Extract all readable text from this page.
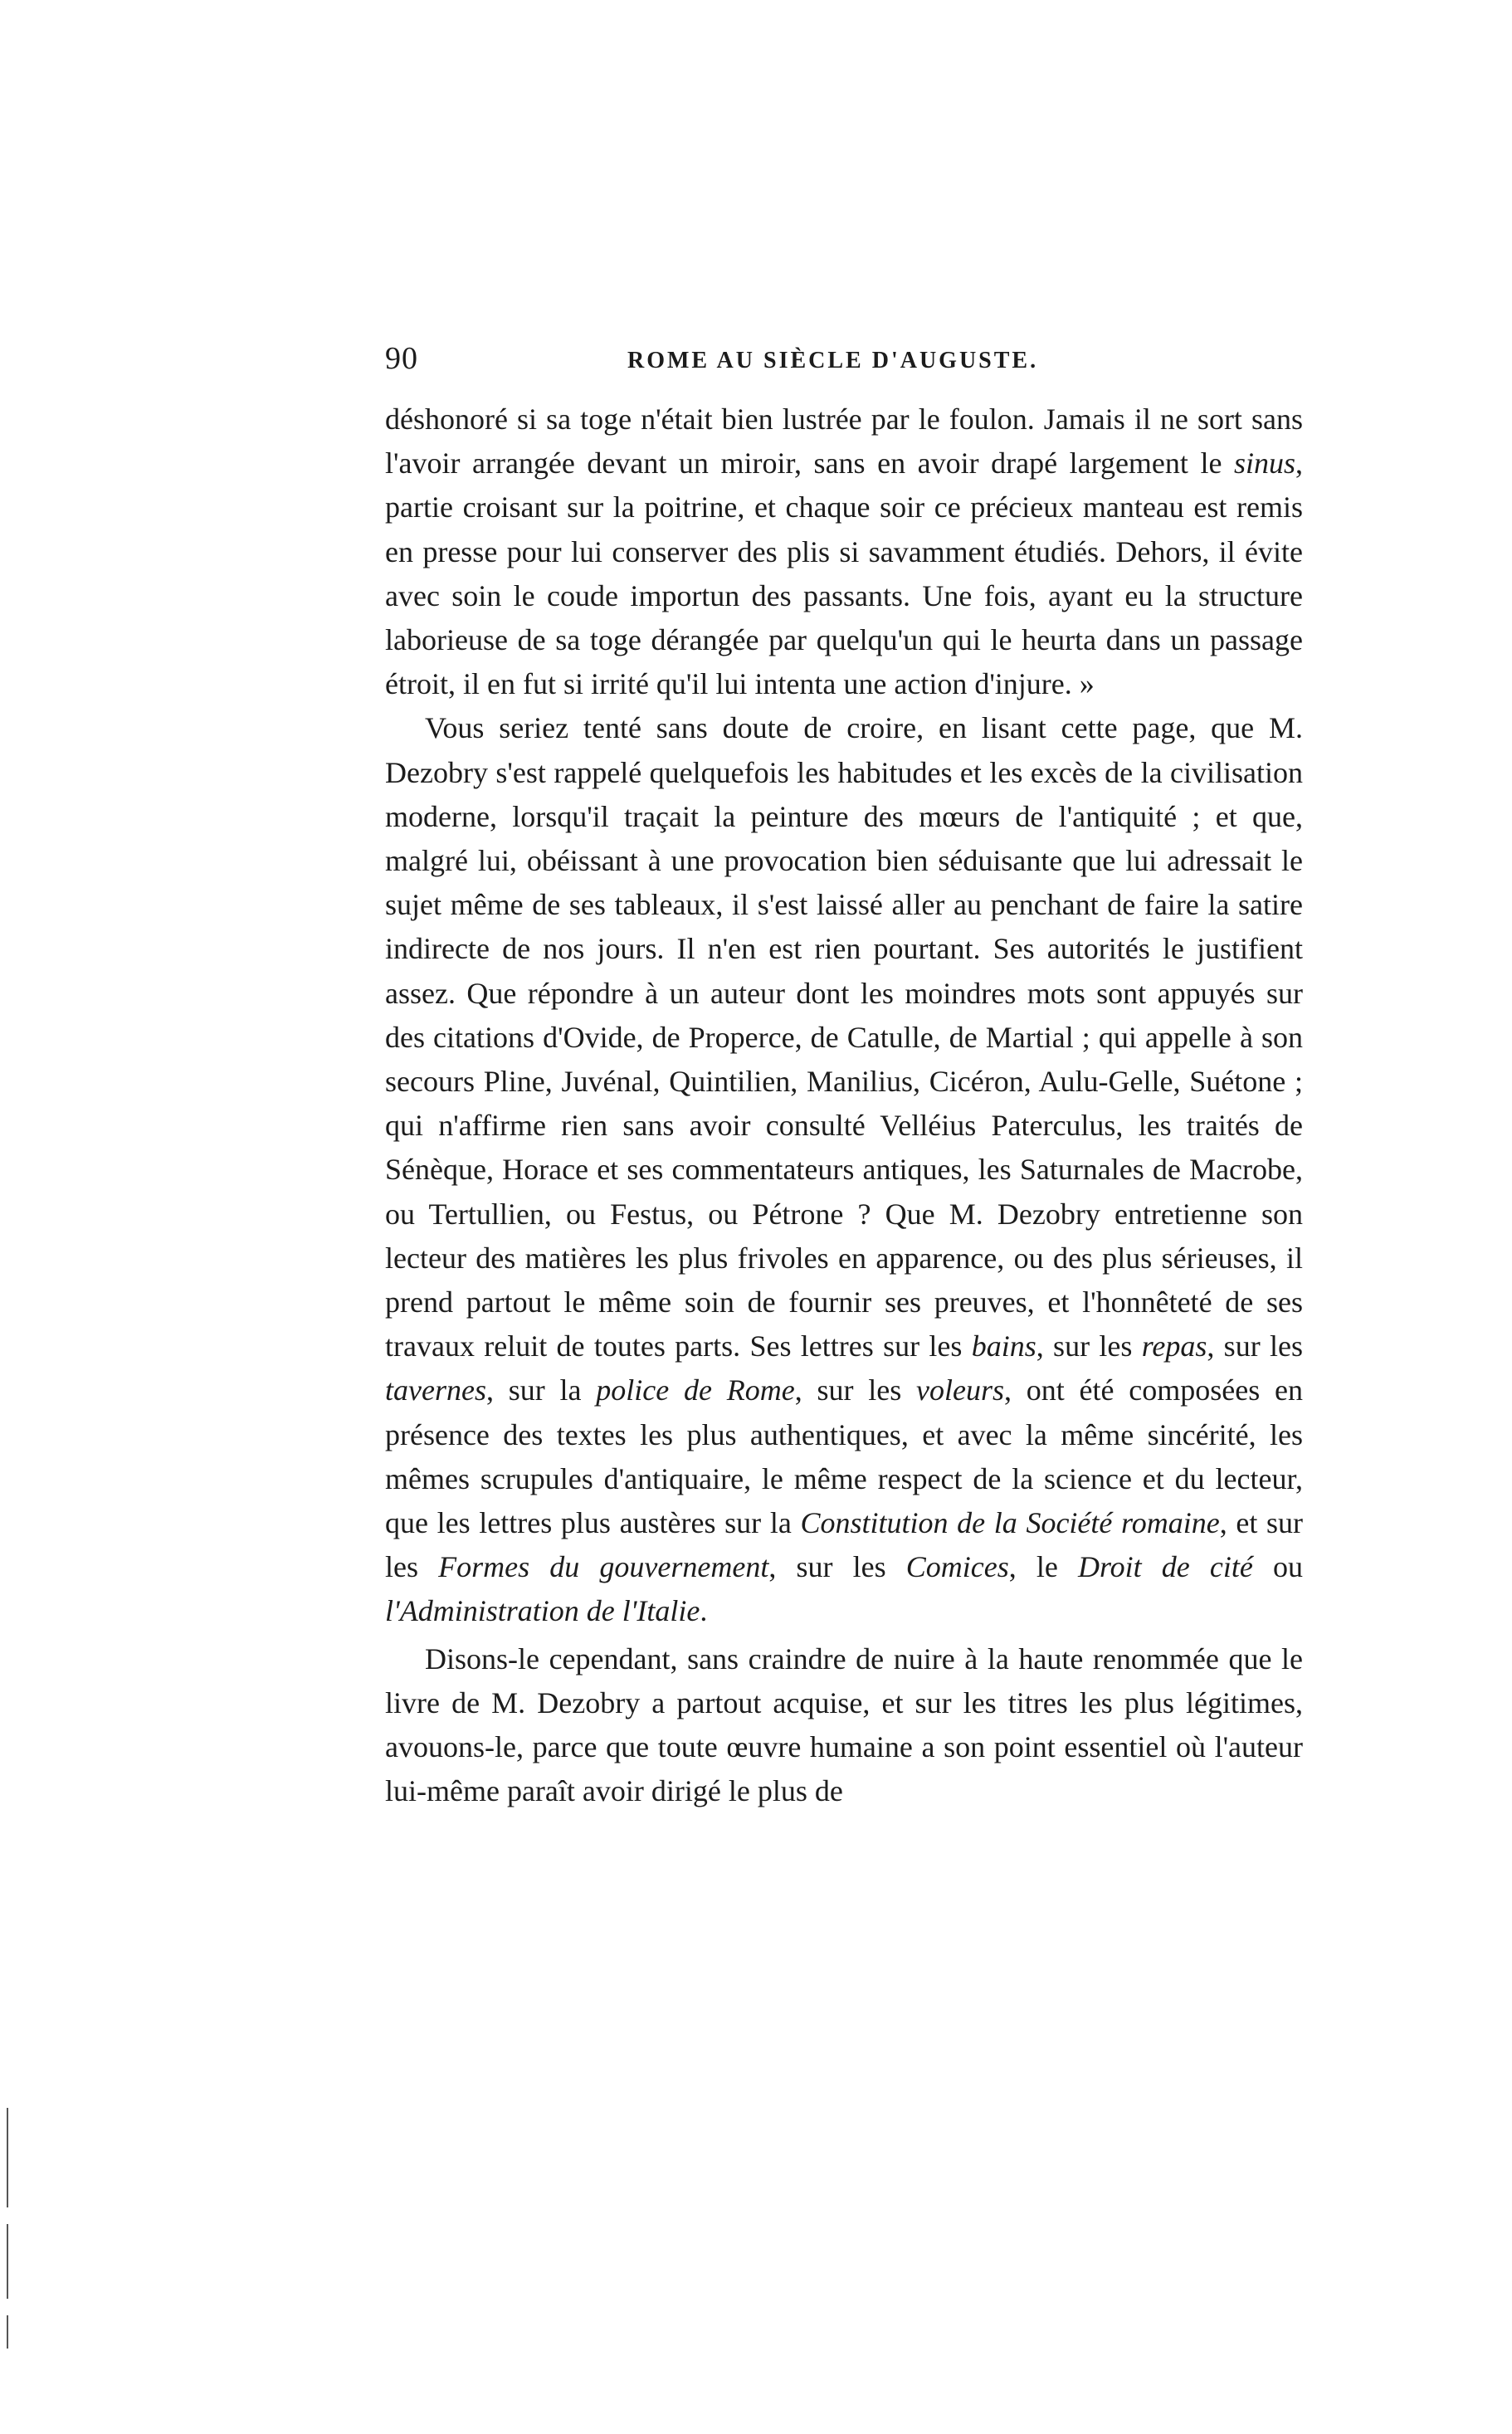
90	ROME AU SIÈCLE D'AUGUSTE.

déshonoré si sa toge n'était bien lustrée par le foulon. Jamais il ne sort sans l'avoir arrangée devant un miroir, sans en avoir drapé largement le sinus, partie croisant sur la poitrine, et chaque soir ce précieux manteau est remis en presse pour lui conserver des plis si savamment étudiés. Dehors, il évite avec soin le coude importun des passants. Une fois, ayant eu la structure laborieuse de sa toge dérangée par quelqu'un qui le heurta dans un passage étroit, il en fut si irrité qu'il lui intenta une action d'injure. »

Vous seriez tenté sans doute de croire, en lisant cette page, que M. Dezobry s'est rappelé quelquefois les habitudes et les excès de la civilisation moderne, lorsqu'il traçait la peinture des mœurs de l'antiquité ; et que, malgré lui, obéissant à une provocation bien séduisante que lui adressait le sujet même de ses tableaux, il s'est laissé aller au penchant de faire la satire indirecte de nos jours. Il n'en est rien pourtant. Ses autorités le justifient assez. Que répondre à un auteur dont les moindres mots sont appuyés sur des citations d'Ovide, de Properce, de Catulle, de Martial ; qui appelle à son secours Pline, Juvénal, Quintilien, Manilius, Cicéron, Aulu-Gelle, Suétone ; qui n'affirme rien sans avoir consulté Velléius Paterculus, les traités de Sénèque, Horace et ses commentateurs antiques, les Saturnales de Macrobe, ou Tertullien, ou Festus, ou Pétrone ? Que M. Dezobry entretienne son lecteur des matières les plus frivoles en apparence, ou des plus sérieuses, il prend partout le même soin de fournir ses preuves, et l'honnêteté de ses travaux reluit de toutes parts. Ses lettres sur les bains, sur les repas, sur les tavernes, sur la police de Rome, sur les voleurs, ont été composées en présence des textes les plus authentiques, et avec la même sincérité, les mêmes scrupules d'antiquaire, le même respect de la science et du lecteur, que les lettres plus austères sur la Constitution de la Société romaine, et sur les Formes du gouvernement, sur les Comices, le Droit de cité ou l'Administration de l'Italie.

Disons-le cependant, sans craindre de nuire à la haute renommée que le livre de M. Dezobry a partout acquise, et sur les titres les plus légitimes, avouons-le, parce que toute œuvre humaine a son point essentiel où l'auteur lui-même paraît avoir dirigé le plus de
